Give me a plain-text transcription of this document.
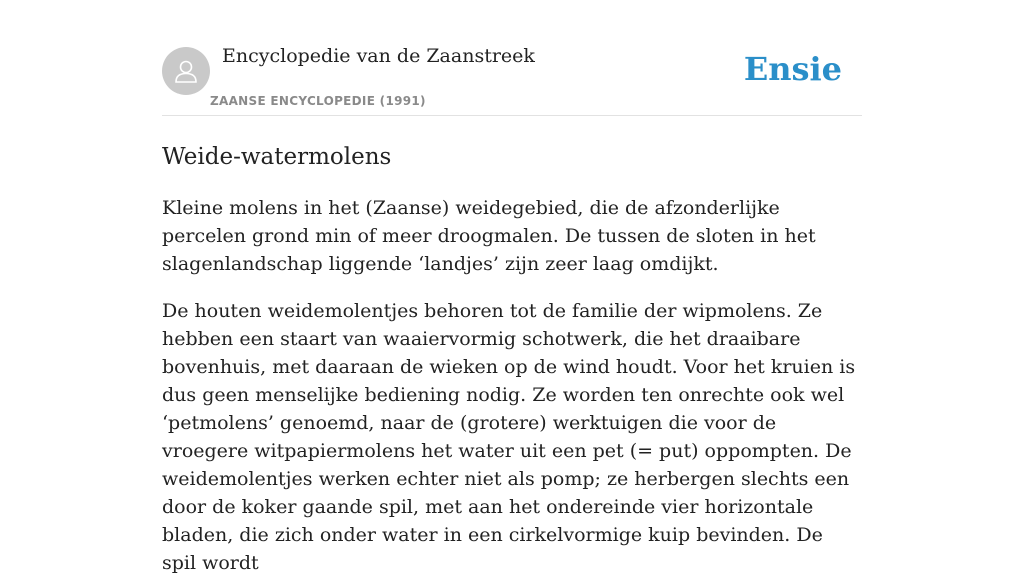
Encyclopedie van de Zaanstreek
ZAANSE ENCYCLOPEDIE (1991)
Ensie
Weide-watermolens

Kleine molens in het (Zaanse) weidegebied, die de afzonderlijke percelen grond min of meer droogmalen. De tussen de sloten in het slagenlandschap liggende ‘landjes’ zijn zeer laag omdijkt.

De houten weidemolentjes behoren tot de familie der wipmolens. Ze hebben een staart van waaiervormig schotwerk, die het draaibare bovenhuis, met daaraan de wieken op de wind houdt. Voor het kruien is dus geen menselijke bediening nodig. Ze worden ten onrechte ook wel ‘petmolens’ genoemd, naar de (grotere) werktuigen die voor de vroegere witpapiermolens het water uit een pet (= put) oppompten. De weidemolentjes werken echter niet als pomp; ze herbergen slechts een door de koker gaande spil, met aan het ondereinde vier horizontale bladen, die zich onder water in een cirkelvormige kuip bevinden. De spil wordt
